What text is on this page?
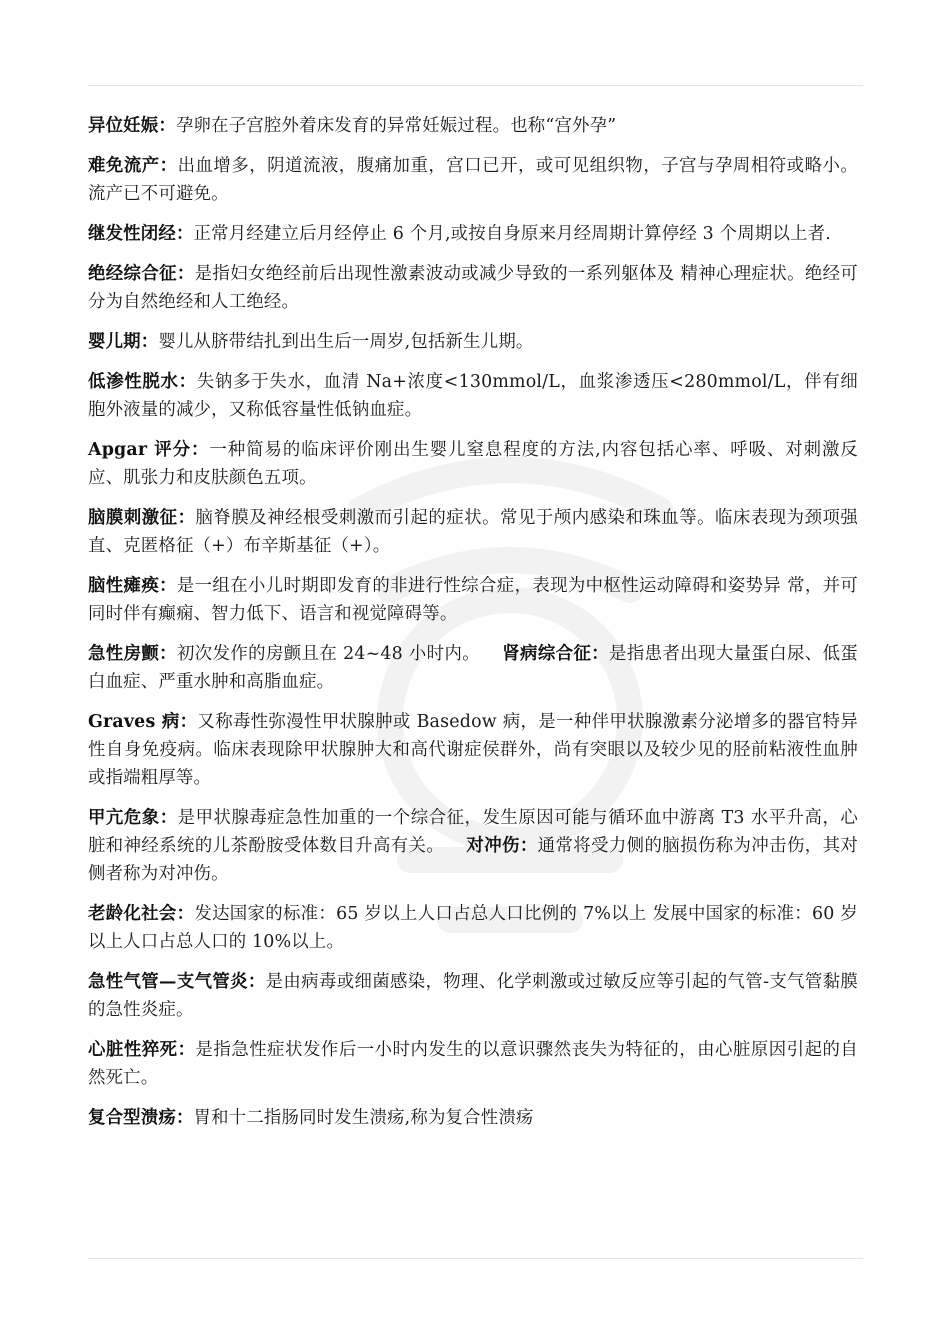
异位妊娠：孕卵在子宫腔外着床发育的异常妊娠过程。也称“宫外孕”

难免流产：出血增多，阴道流液，腹痛加重，宫口已开，或可见组织物，子宫与孕周相符或略小。流产已不可避免。

继发性闭经：正常月经建立后月经停止 6 个月,或按自身原来月经周期计算停经 3 个周期以上者.

绝经综合征：是指妇女绝经前后出现性激素波动或减少导致的一系列躯体及 精神心理症状。绝经可分为自然绝经和人工绝经。

婴儿期：婴儿从脐带结扎到出生后一周岁,包括新生儿期。

低渗性脱水：失钠多于失水，血清 Na+浓度<130mmol/L，血浆渗透压<280mmol/L，伴有细胞外液量的减少，又称低容量性低钠血症。

Apgar 评分：一种简易的临床评价刚出生婴儿窒息程度的方法,内容包括心率、呼吸、对刺激反应、肌张力和皮肤颜色五项。

脑膜刺激征：脑脊膜及神经根受刺激而引起的症状。常见于颅内感染和珠血等。临床表现为颈项强直、克匿格征（+）布辛斯基征（+）。

脑性瘫痪：是一组在小儿时期即发育的非进行性综合症，表现为中枢性运动障碍和姿势异 常，并可同时伴有癫痫、智力低下、语言和视觉障碍等。

急性房颤：初次发作的房颤且在 24~48 小时内。 肾病综合征：是指患者出现大量蛋白尿、低蛋白血症、严重水肿和高脂血症。

Graves 病：又称毒性弥漫性甲状腺肿或 Basedow 病，是一种伴甲状腺激素分泌增多的器官特异性自身免疫病。临床表现除甲状腺肿大和高代谢症侯群外，尚有突眼以及较少见的胫前粘液性血肿或指端粗厚等。

甲亢危象：是甲状腺毒症急性加重的一个综合征，发生原因可能与循环血中游离 T3 水平升高，心脏和神经系统的儿茶酚胺受体数目升高有关。 对冲伤：通常将受力侧的脑损伤称为冲击伤，其对侧者称为对冲伤。

老龄化社会：发达国家的标准：65 岁以上人口占总人口比例的 7%以上 发展中国家的标准：60 岁以上人口占总人口的 10%以上。

急性气管—支气管炎：是由病毒或细菌感染，物理、化学刺激或过敏反应等引起的气管-支气管黏膜的急性炎症。

心脏性猝死：是指急性症状发作后一小时内发生的以意识骤然丧失为特征的，由心脏原因引起的自然死亡。

复合型溃疡：胃和十二指肠同时发生溃疡,称为复合性溃疡
